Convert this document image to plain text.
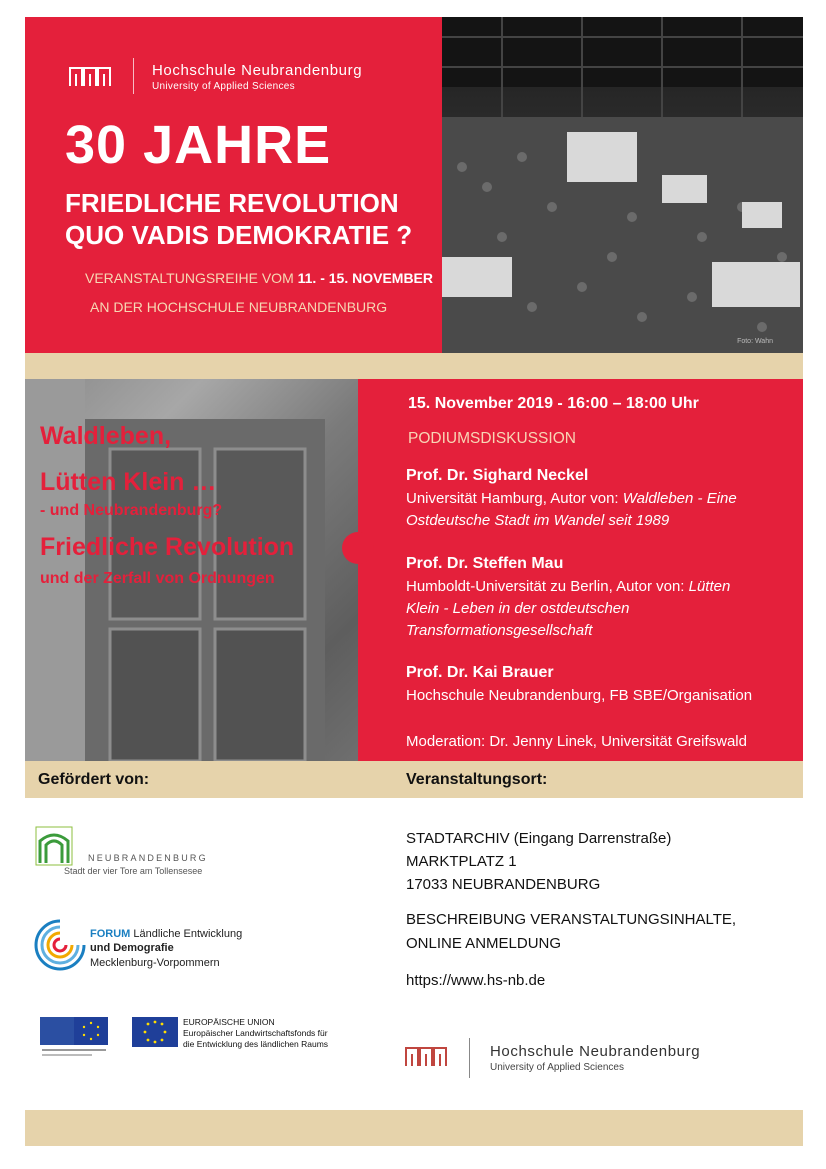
Hochschule Neubrandenburg
University of Applied Sciences
30 JAHRE
FRIEDLICHE REVOLUTION
QUO VADIS DEMOKRATIE ?
VERANSTALTUNGSREIHE VOM 11. - 15. NOVEMBER
AN DER HOCHSCHULE NEUBRANDENBURG
Foto: Wahn
Waldleben,
Lütten Klein …
- und Neubrandenburg?
Friedliche Revolution
und der Zerfall von Ordnungen
15. November 2019 - 16:00 – 18:00 Uhr
PODIUMSDISKUSSION
Prof. Dr. Sighard Neckel
Universität Hamburg, Autor von: Waldleben - Eine Ostdeutsche Stadt im Wandel seit 1989
Prof. Dr. Steffen Mau
Humboldt-Universität zu Berlin, Autor von: Lütten Klein - Leben in der ostdeutschen Transformationsgesellschaft
Prof. Dr. Kai Brauer
Hochschule Neubrandenburg, FB SBE/Organisation
Moderation: Dr. Jenny Linek, Universität Greifswald
Gefördert von:	Veranstaltungsort:
NEUBRANDENBURG
Stadt der vier Tore am Tollensesee
FORUM Ländliche Entwicklung
und Demografie
Mecklenburg-Vorpommern
EUROPÄISCHE UNION
Europäischer Landwirtschaftsfonds für
die Entwicklung des ländlichen Raums
STADTARCHIV (Eingang Darrenstraße)
MARKTPLATZ 1
17033 NEUBRANDENBURG
BESCHREIBUNG VERANSTALTUNGSINHALTE,
ONLINE ANMELDUNG
https://www.hs-nb.de
Hochschule Neubrandenburg
University of Applied Sciences
